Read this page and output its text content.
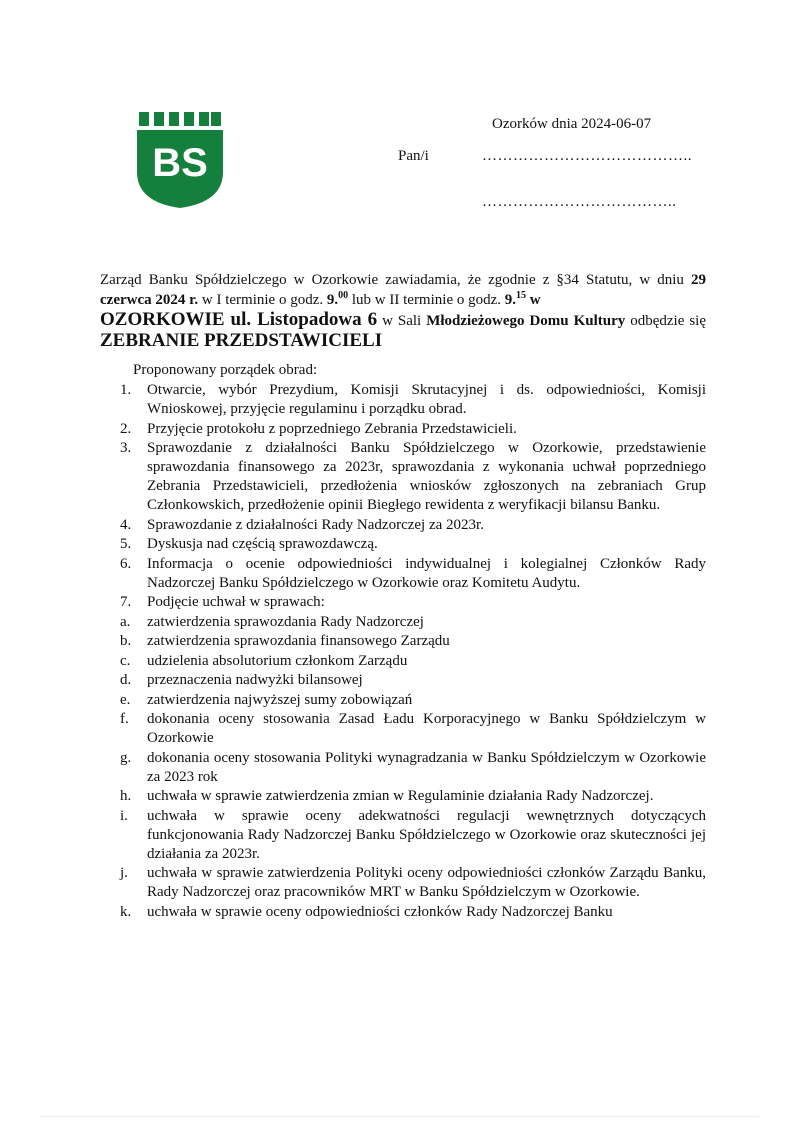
BS
Ozorków dnia 2024-06-07
Pan/i	…………………………………..
………………………………..
Zarząd Banku Spółdzielczego w Ozorkowie zawiadamia, że zgodnie z §34 Statutu, w dniu 29 czerwca 2024 r. w I terminie o godz. 9.00 lub w II terminie o godz. 9.15 w
OZORKOWIE ul. Listopadowa 6 w Sali Młodzieżowego Domu Kultury odbędzie się ZEBRANIE PRZEDSTAWICIELI
Proponowany porządek obrad:
1.	Otwarcie, wybór Prezydium, Komisji Skrutacyjnej i ds. odpowiedniości, Komisji Wnioskowej, przyjęcie regulaminu i porządku obrad.
2.	Przyjęcie protokołu z poprzedniego Zebrania Przedstawicieli.
3.	Sprawozdanie z działalności Banku Spółdzielczego w Ozorkowie, przedstawienie sprawozdania finansowego za 2023r, sprawozdania z wykonania uchwał poprzedniego Zebrania Przedstawicieli, przedłożenia wniosków zgłoszonych na zebraniach Grup Członkowskich, przedłożenie opinii Biegłego rewidenta z weryfikacji bilansu Banku.
4.	Sprawozdanie z działalności Rady Nadzorczej za 2023r.
5.	Dyskusja nad częścią sprawozdawczą.
6.	Informacja o ocenie odpowiedniości indywidualnej i kolegialnej Członków Rady Nadzorczej Banku Spółdzielczego w Ozorkowie oraz Komitetu Audytu.
7.	Podjęcie uchwał w sprawach:
a.	zatwierdzenia sprawozdania Rady Nadzorczej
b.	zatwierdzenia sprawozdania finansowego Zarządu
c.	udzielenia absolutorium członkom Zarządu
d.	przeznaczenia nadwyżki bilansowej
e.	zatwierdzenia najwyższej sumy zobowiązań
f.	dokonania oceny stosowania Zasad Ładu Korporacyjnego w Banku Spółdzielczym w Ozorkowie
g.	dokonania oceny stosowania Polityki wynagradzania w Banku Spółdzielczym w Ozorkowie za 2023 rok
h.	uchwała w sprawie zatwierdzenia zmian w Regulaminie działania Rady Nadzorczej.
i.	uchwała w sprawie oceny adekwatności regulacji wewnętrznych dotyczących funkcjonowania Rady Nadzorczej Banku Spółdzielczego w Ozorkowie oraz skuteczności jej działania za 2023r.
j.	uchwała w sprawie zatwierdzenia Polityki oceny odpowiedniości członków Zarządu Banku, Rady Nadzorczej oraz pracowników MRT w Banku Spółdzielczym w Ozorkowie.
k.	uchwała w sprawie oceny odpowiedniości członków Rady Nadzorczej Banku
